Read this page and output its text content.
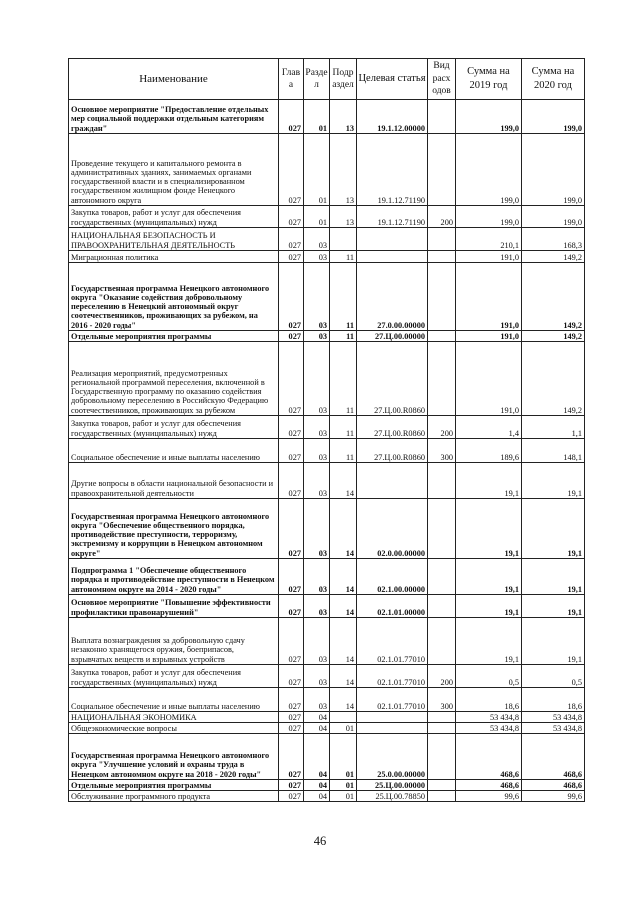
Наименование	Глав а	Разде л	Подр аздел	Целевая статья	Вид расх одов	Сумма на 2019 год	Сумма на 2020 год
Основное мероприятие "Предоставление отдельных мер социальной поддержки отдельным категориям граждан"	027	01	13	19.1.12.00000		199,0	199,0
Проведение текущего и капитального ремонта в административных зданиях, занимаемых органами государственной власти и в специализированном государственном жилищном фонде Ненецкого автономного округа	027	01	13	19.1.12.71190		199,0	199,0
Закупка товаров, работ и услуг для обеспечения государственных (муниципальных) нужд	027	01	13	19.1.12.71190	200	199,0	199,0
НАЦИОНАЛЬНАЯ БЕЗОПАСНОСТЬ И ПРАВООХРАНИТЕЛЬНАЯ ДЕЯТЕЛЬНОСТЬ	027	03				210,1	168,3
Миграционная политика	027	03	11			191,0	149,2
Государственная программа Ненецкого автономного округа "Оказание содействия добровольному переселению в Ненецкий автономный округ соотечественников, проживающих за рубежом, на 2016 - 2020 годы"	027	03	11	27.0.00.00000		191,0	149,2
Отдельные мероприятия программы	027	03	11	27.Ц.00.00000		191,0	149,2
Реализация мероприятий, предусмотренных региональной программой переселения, включенной в Государственную программу по оказанию содействия добровольному переселению в Российскую Федерацию соотечественников, проживающих за рубежом	027	03	11	27.Ц.00.R0860		191,0	149,2
Закупка товаров, работ и услуг для обеспечения государственных (муниципальных) нужд	027	03	11	27.Ц.00.R0860	200	1,4	1,1
Социальное обеспечение и иные выплаты населению	027	03	11	27.Ц.00.R0860	300	189,6	148,1
Другие вопросы в области национальной безопасности и правоохранительной деятельности	027	03	14			19,1	19,1
Государственная программа Ненецкого автономного округа "Обеспечение общественного порядка, противодействие преступности, терроризму, экстремизму и коррупции в Ненецком автономном округе"	027	03	14	02.0.00.00000		19,1	19,1
Подпрограмма 1 "Обеспечение общественного порядка и противодействие преступности в Ненецком автономном округе на 2014 - 2020 годы"	027	03	14	02.1.00.00000		19,1	19,1
Основное мероприятие "Повышение эффективности профилактики правонарушений"	027	03	14	02.1.01.00000		19,1	19,1
Выплата вознаграждения за добровольную сдачу незаконно хранящегося оружия, боеприпасов, взрывчатых веществ и взрывных устройств	027	03	14	02.1.01.77010		19,1	19,1
Закупка товаров, работ и услуг для обеспечения государственных (муниципальных) нужд	027	03	14	02.1.01.77010	200	0,5	0,5
Социальное обеспечение и иные выплаты населению	027	03	14	02.1.01.77010	300	18,6	18,6
НАЦИОНАЛЬНАЯ ЭКОНОМИКА	027	04				53 434,8	53 434,8
Общеэкономические вопросы	027	04	01			53 434,8	53 434,8
Государственная программа Ненецкого автономного округа "Улучшение условий и охраны труда в Ненецком автономном округе на 2018 - 2020 годы"	027	04	01	25.0.00.00000		468,6	468,6
Отдельные мероприятия программы	027	04	01	25.Ц.00.00000		468,6	468,6
Обслуживание программного продукта	027	04	01	25.Ц.00.78850		99,6	99,6
46
